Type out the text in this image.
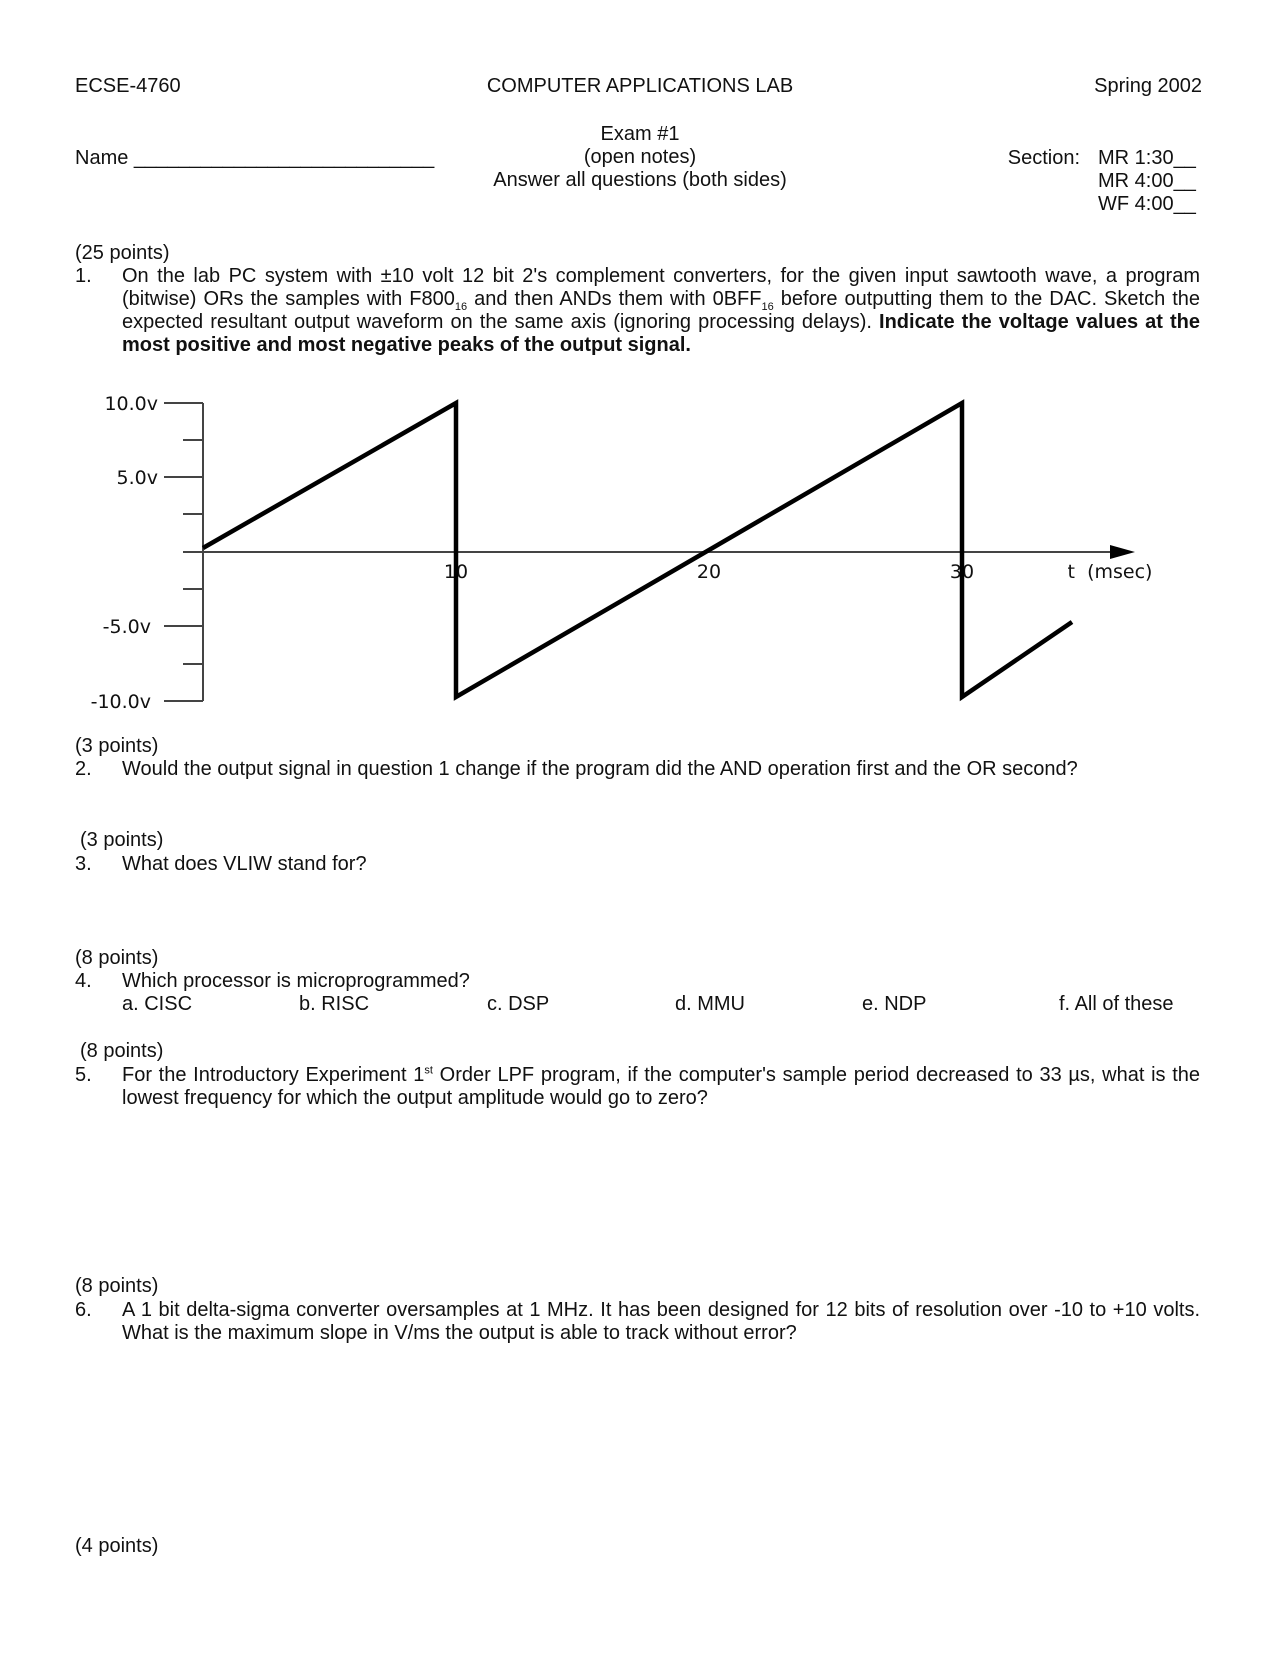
ECSE-4760	COMPUTER APPLICATIONS LAB	Spring 2002
Exam #1
(open notes)
Answer all questions (both sides)
Name ___________________________	Section: MR 1:30__
MR 4:00__
WF 4:00__
(25 points)
1. On the lab PC system with ±10 volt 12 bit 2's complement converters, for the given input sawtooth wave, a program (bitwise) ORs the samples with $F800_{16}$ and then ANDs them with $0BFF_{16}$ before outputting them to the DAC. Sketch the expected resultant output waveform on the same axis (ignoring processing delays). Indicate the voltage values at the most positive and most negative peaks of the output signal.
10.0v
5.0v
-5.0v
-10.0v
10	20	30	t  (msec)
(3 points)
2. Would the output signal in question 1 change if the program did the AND operation first and the OR second?
(3 points)
3. What does VLIW stand for?
(8 points)
4. Which processor is microprogrammed?
a. CISC	b. RISC	c. DSP	d. MMU	e. NDP	f. All of these
(8 points)
5. For the Introductory Experiment 1st Order LPF program, if the computer's sample period decreased to 33 µs, what is the lowest frequency for which the output amplitude would go to zero?
(8 points)
6. A 1 bit delta-sigma converter oversamples at 1 MHz. It has been designed for 12 bits of resolution over -10 to +10 volts. What is the maximum slope in V/ms the output is able to track without error?
(4 points)
